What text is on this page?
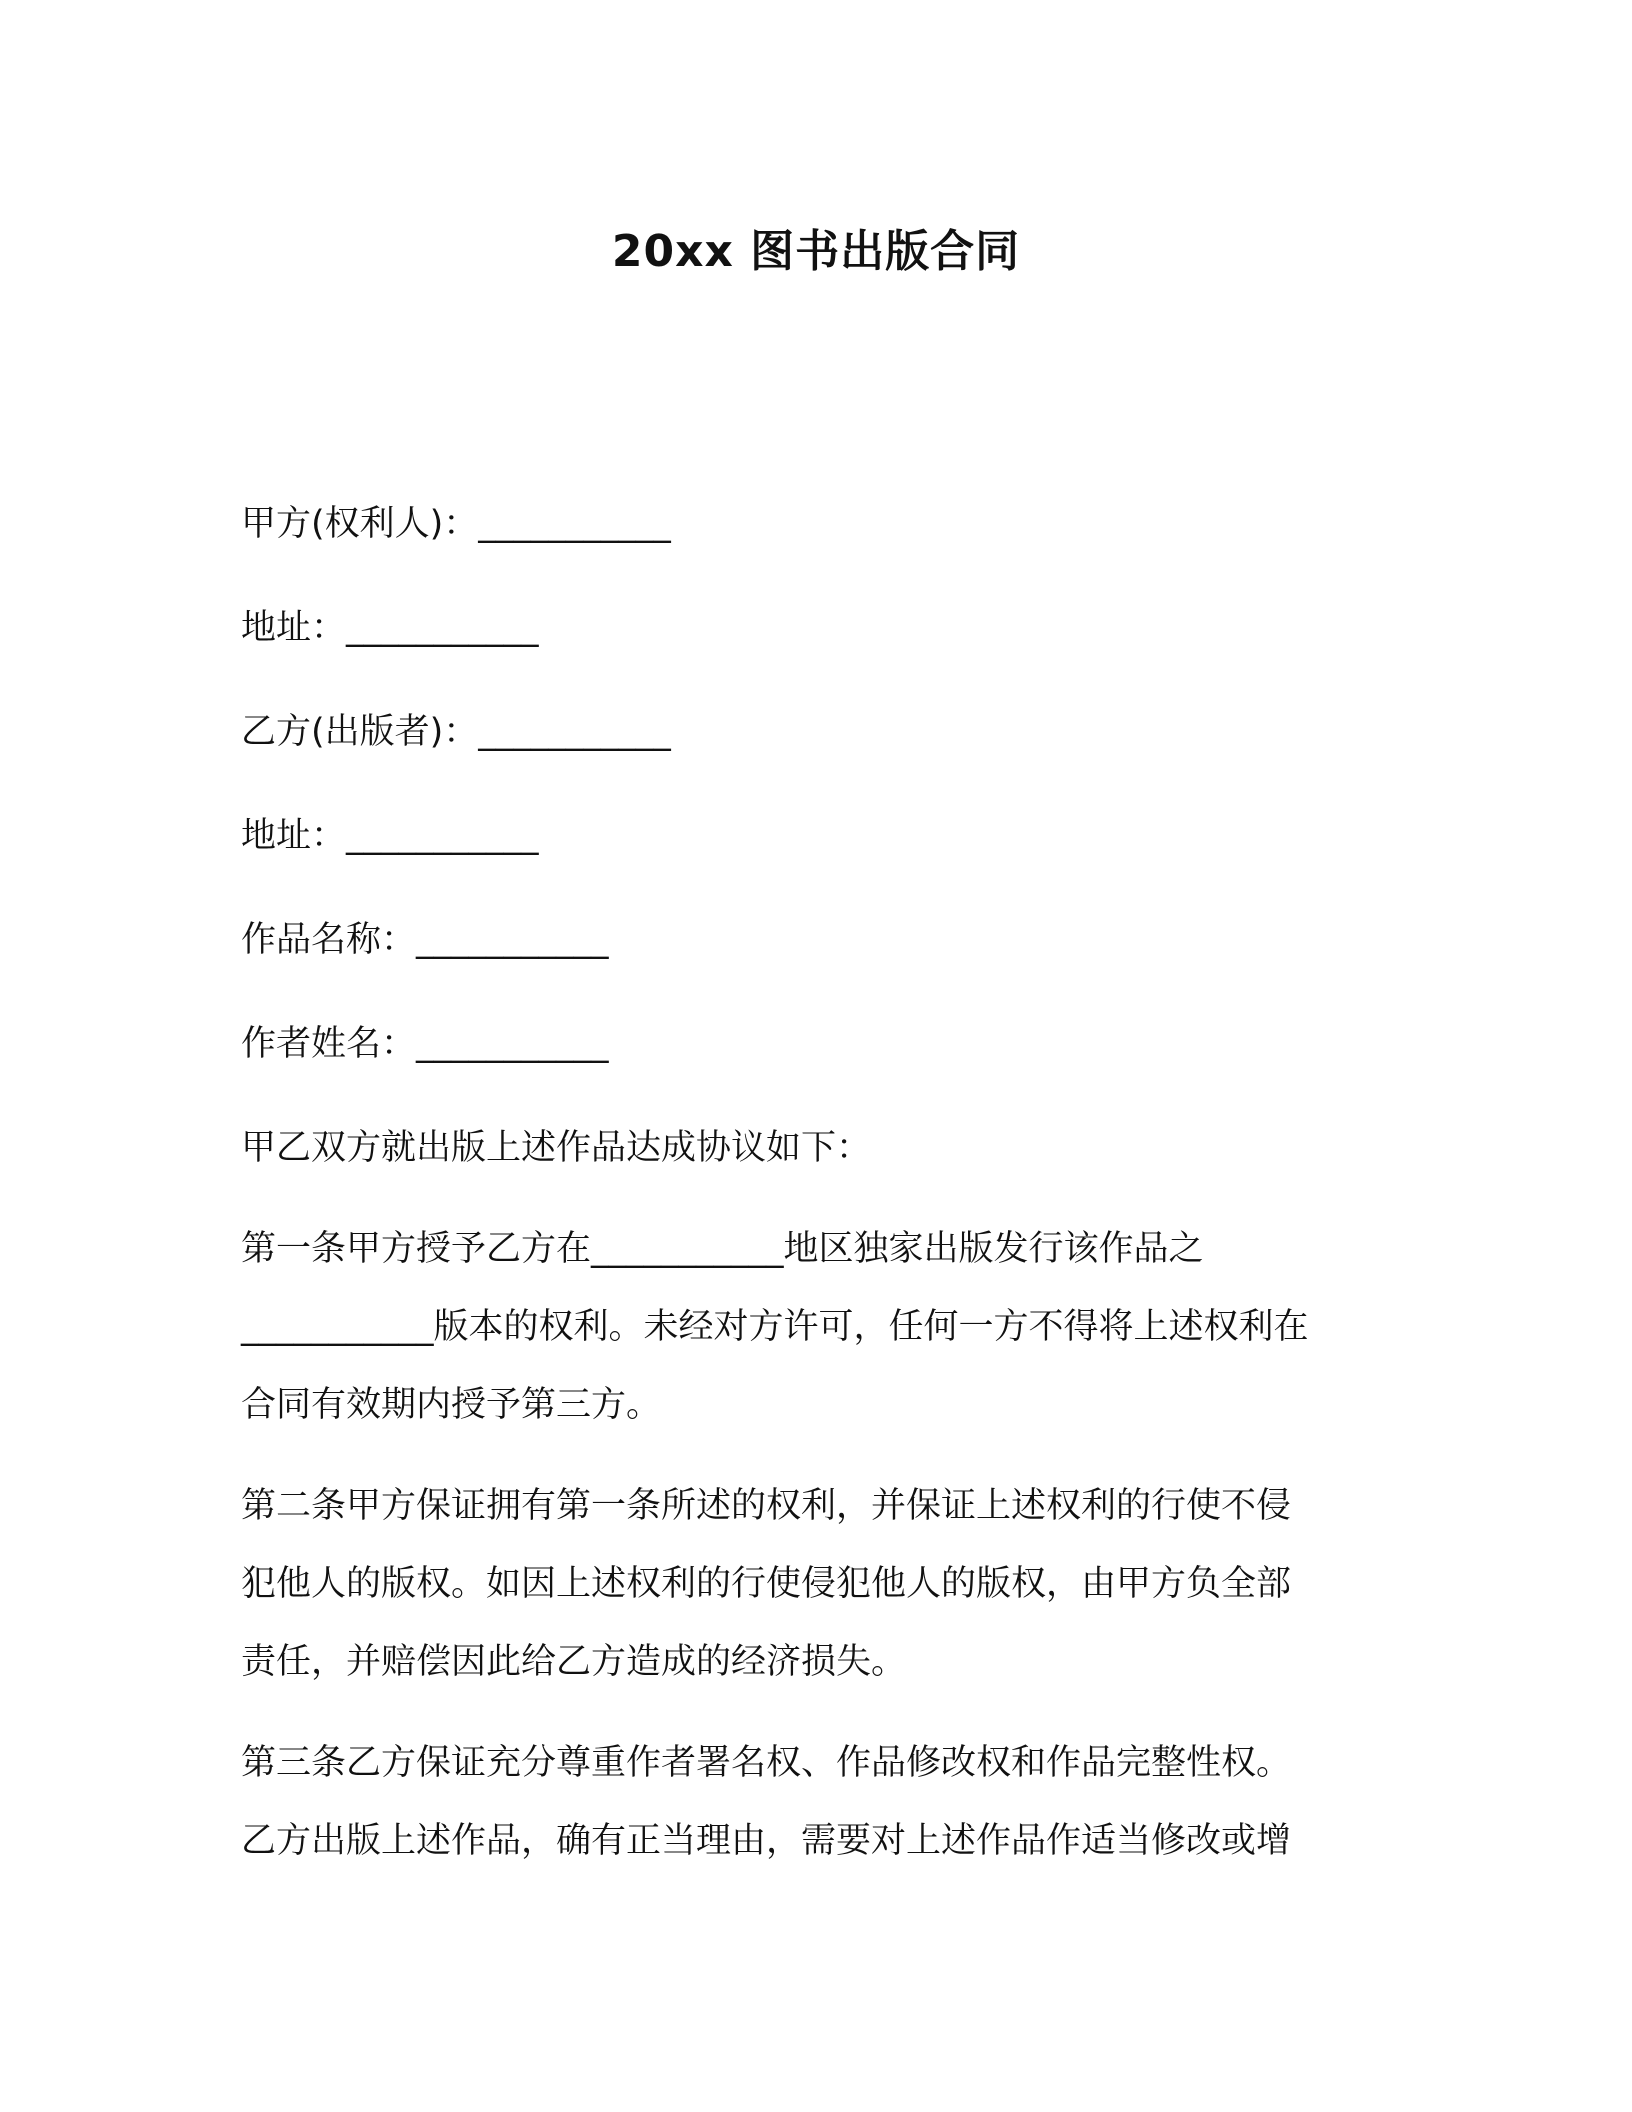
20xx 图书出版合同
甲方(权利人)：___________
地址：___________
乙方(出版者)：___________
地址：___________
作品名称：___________
作者姓名：___________
甲乙双方就出版上述作品达成协议如下：
第一条甲方授予乙方在___________地区独家出版发行该作品之
___________版本的权利。未经对方许可，任何一方不得将上述权利在
合同有效期内授予第三方。
第二条甲方保证拥有第一条所述的权利，并保证上述权利的行使不侵
犯他人的版权。如因上述权利的行使侵犯他人的版权，由甲方负全部
责任，并赔偿因此给乙方造成的经济损失。
第三条乙方保证充分尊重作者署名权、作品修改权和作品完整性权。
乙方出版上述作品，确有正当理由，需要对上述作品作适当修改或增
